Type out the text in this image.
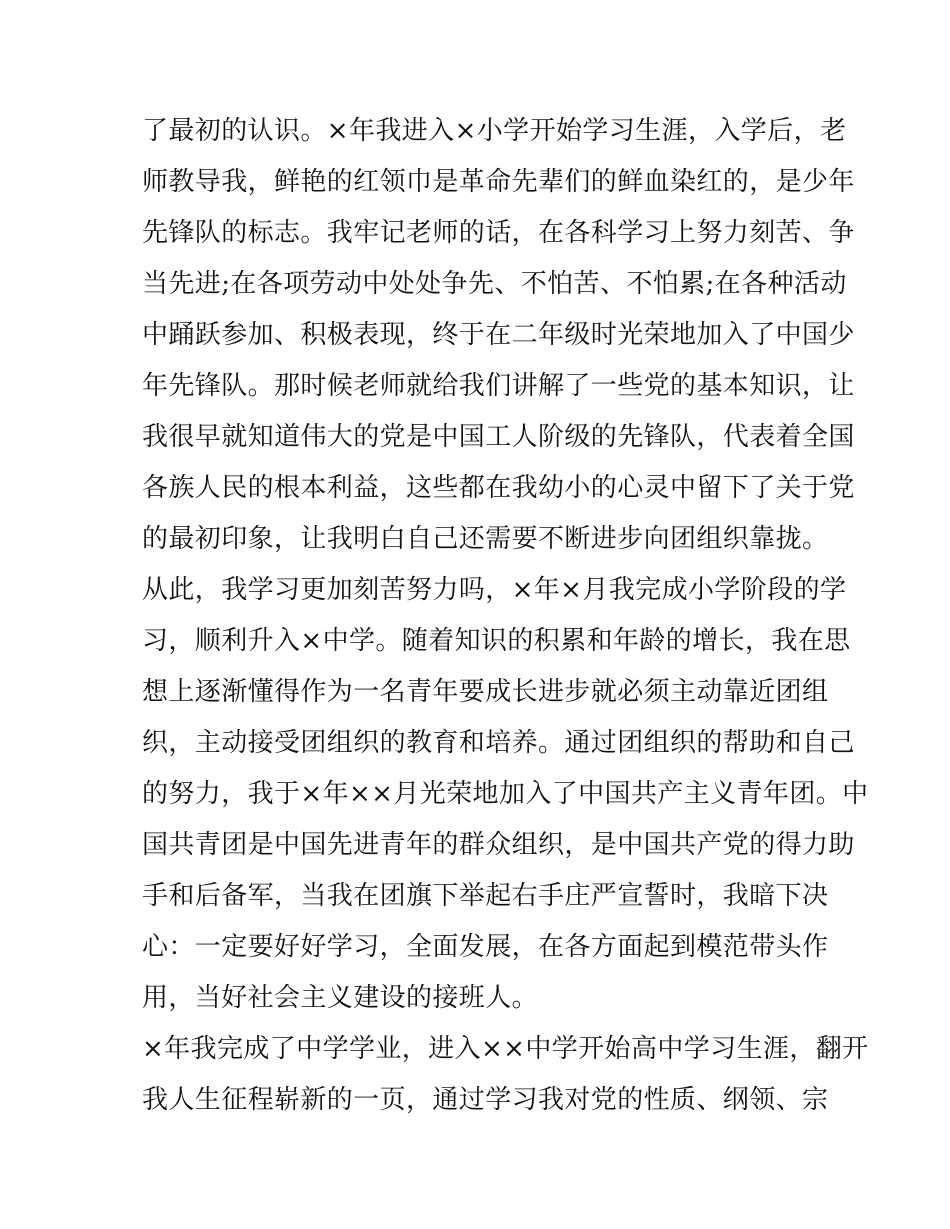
了最初的认识。×年我进入×小学开始学习生涯，入学后，老
师教导我，鲜艳的红领巾是革命先辈们的鲜血染红的，是少年
先锋队的标志。我牢记老师的话，在各科学习上努力刻苦、争
当先进;在各项劳动中处处争先、不怕苦、不怕累;在各种活动
中踊跃参加、积极表现，终于在二年级时光荣地加入了中国少
年先锋队。那时候老师就给我们讲解了一些党的基本知识，让
我很早就知道伟大的党是中国工人阶级的先锋队，代表着全国
各族人民的根本利益，这些都在我幼小的心灵中留下了关于党
的最初印象，让我明白自己还需要不断进步向团组织靠拢。
从此，我学习更加刻苦努力吗，×年×月我完成小学阶段的学
习，顺利升入×中学。随着知识的积累和年龄的增长，我在思
想上逐渐懂得作为一名青年要成长进步就必须主动靠近团组
织，主动接受团组织的教育和培养。通过团组织的帮助和自己
的努力，我于×年××月光荣地加入了中国共产主义青年团。中
国共青团是中国先进青年的群众组织，是中国共产党的得力助
手和后备军，当我在团旗下举起右手庄严宣誓时，我暗下决
心：一定要好好学习，全面发展，在各方面起到模范带头作
用，当好社会主义建设的接班人。
×年我完成了中学学业，进入××中学开始高中学习生涯，翻开
我人生征程崭新的一页，通过学习我对党的性质、纲领、宗
